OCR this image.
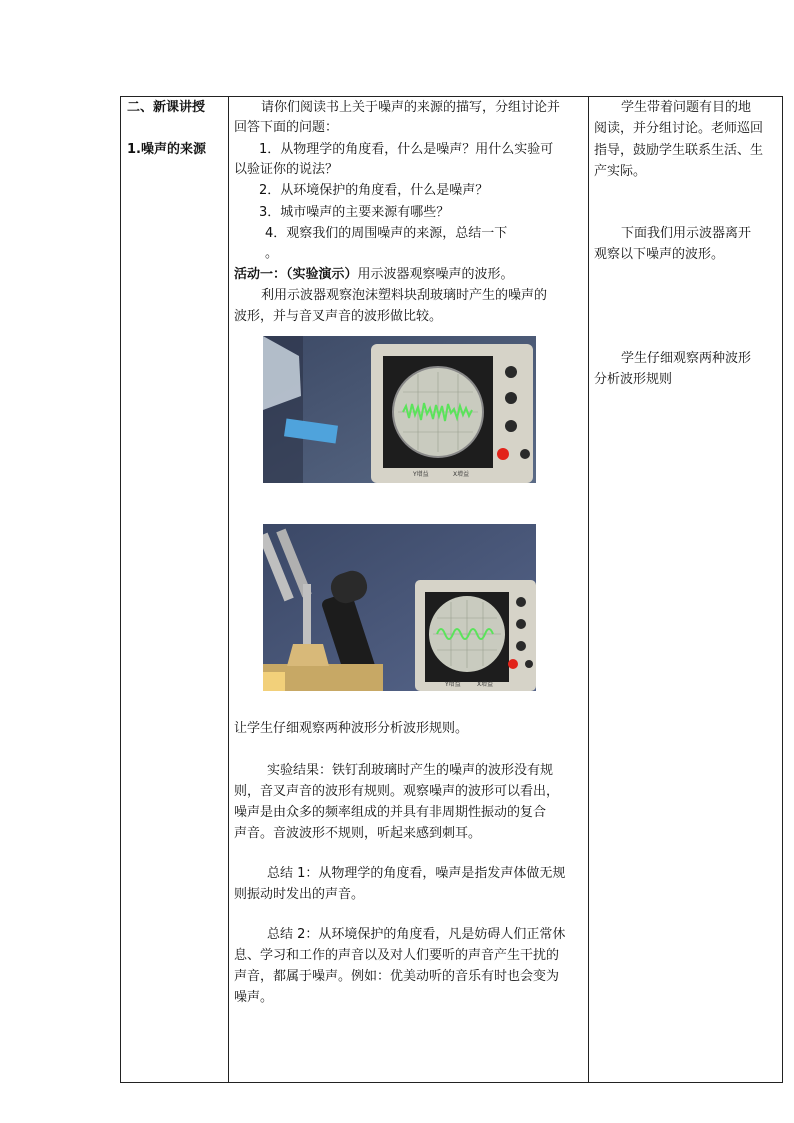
二、新课讲授
1.噪声的来源

请你们阅读书上关于噪声的来源的描写，分组讨论并
回答下面的问题：
1．从物理学的角度看，什么是噪声？用什么实验可
以验证你的说法？
2．从环境保护的角度看，什么是噪声？
3．城市噪声的主要来源有哪些？
4．观察我们的周围噪声的来源，总结一下
。
活动一：（实验演示）用示波器观察噪声的波形。
利用示波器观察泡沫塑料块刮玻璃时产生的噪声的
波形，并与音叉声音的波形做比较。
Y增益	X增益
Y增益	X增益
让学生仔细观察两种波形分析波形规则。
实验结果：铁钉刮玻璃时产生的噪声的波形没有规
则，音叉声音的波形有规则。观察噪声的波形可以看出，
噪声是由众多的频率组成的并具有非周期性振动的复合
声音。音波波形不规则，听起来感到刺耳。
总结 1：从物理学的角度看，噪声是指发声体做无规
则振动时发出的声音。
总结 2：从环境保护的角度看，凡是妨碍人们正常休
息、学习和工作的声音以及对人们要听的声音产生干扰的
声音，都属于噪声。例如：优美动听的音乐有时也会变为
噪声。

学生带着问题有目的地
阅读，并分组讨论。老师巡回
指导，鼓励学生联系生活、生
产实际。
下面我们用示波器离开
观察以下噪声的波形。
学生仔细观察两种波形
分析波形规则
